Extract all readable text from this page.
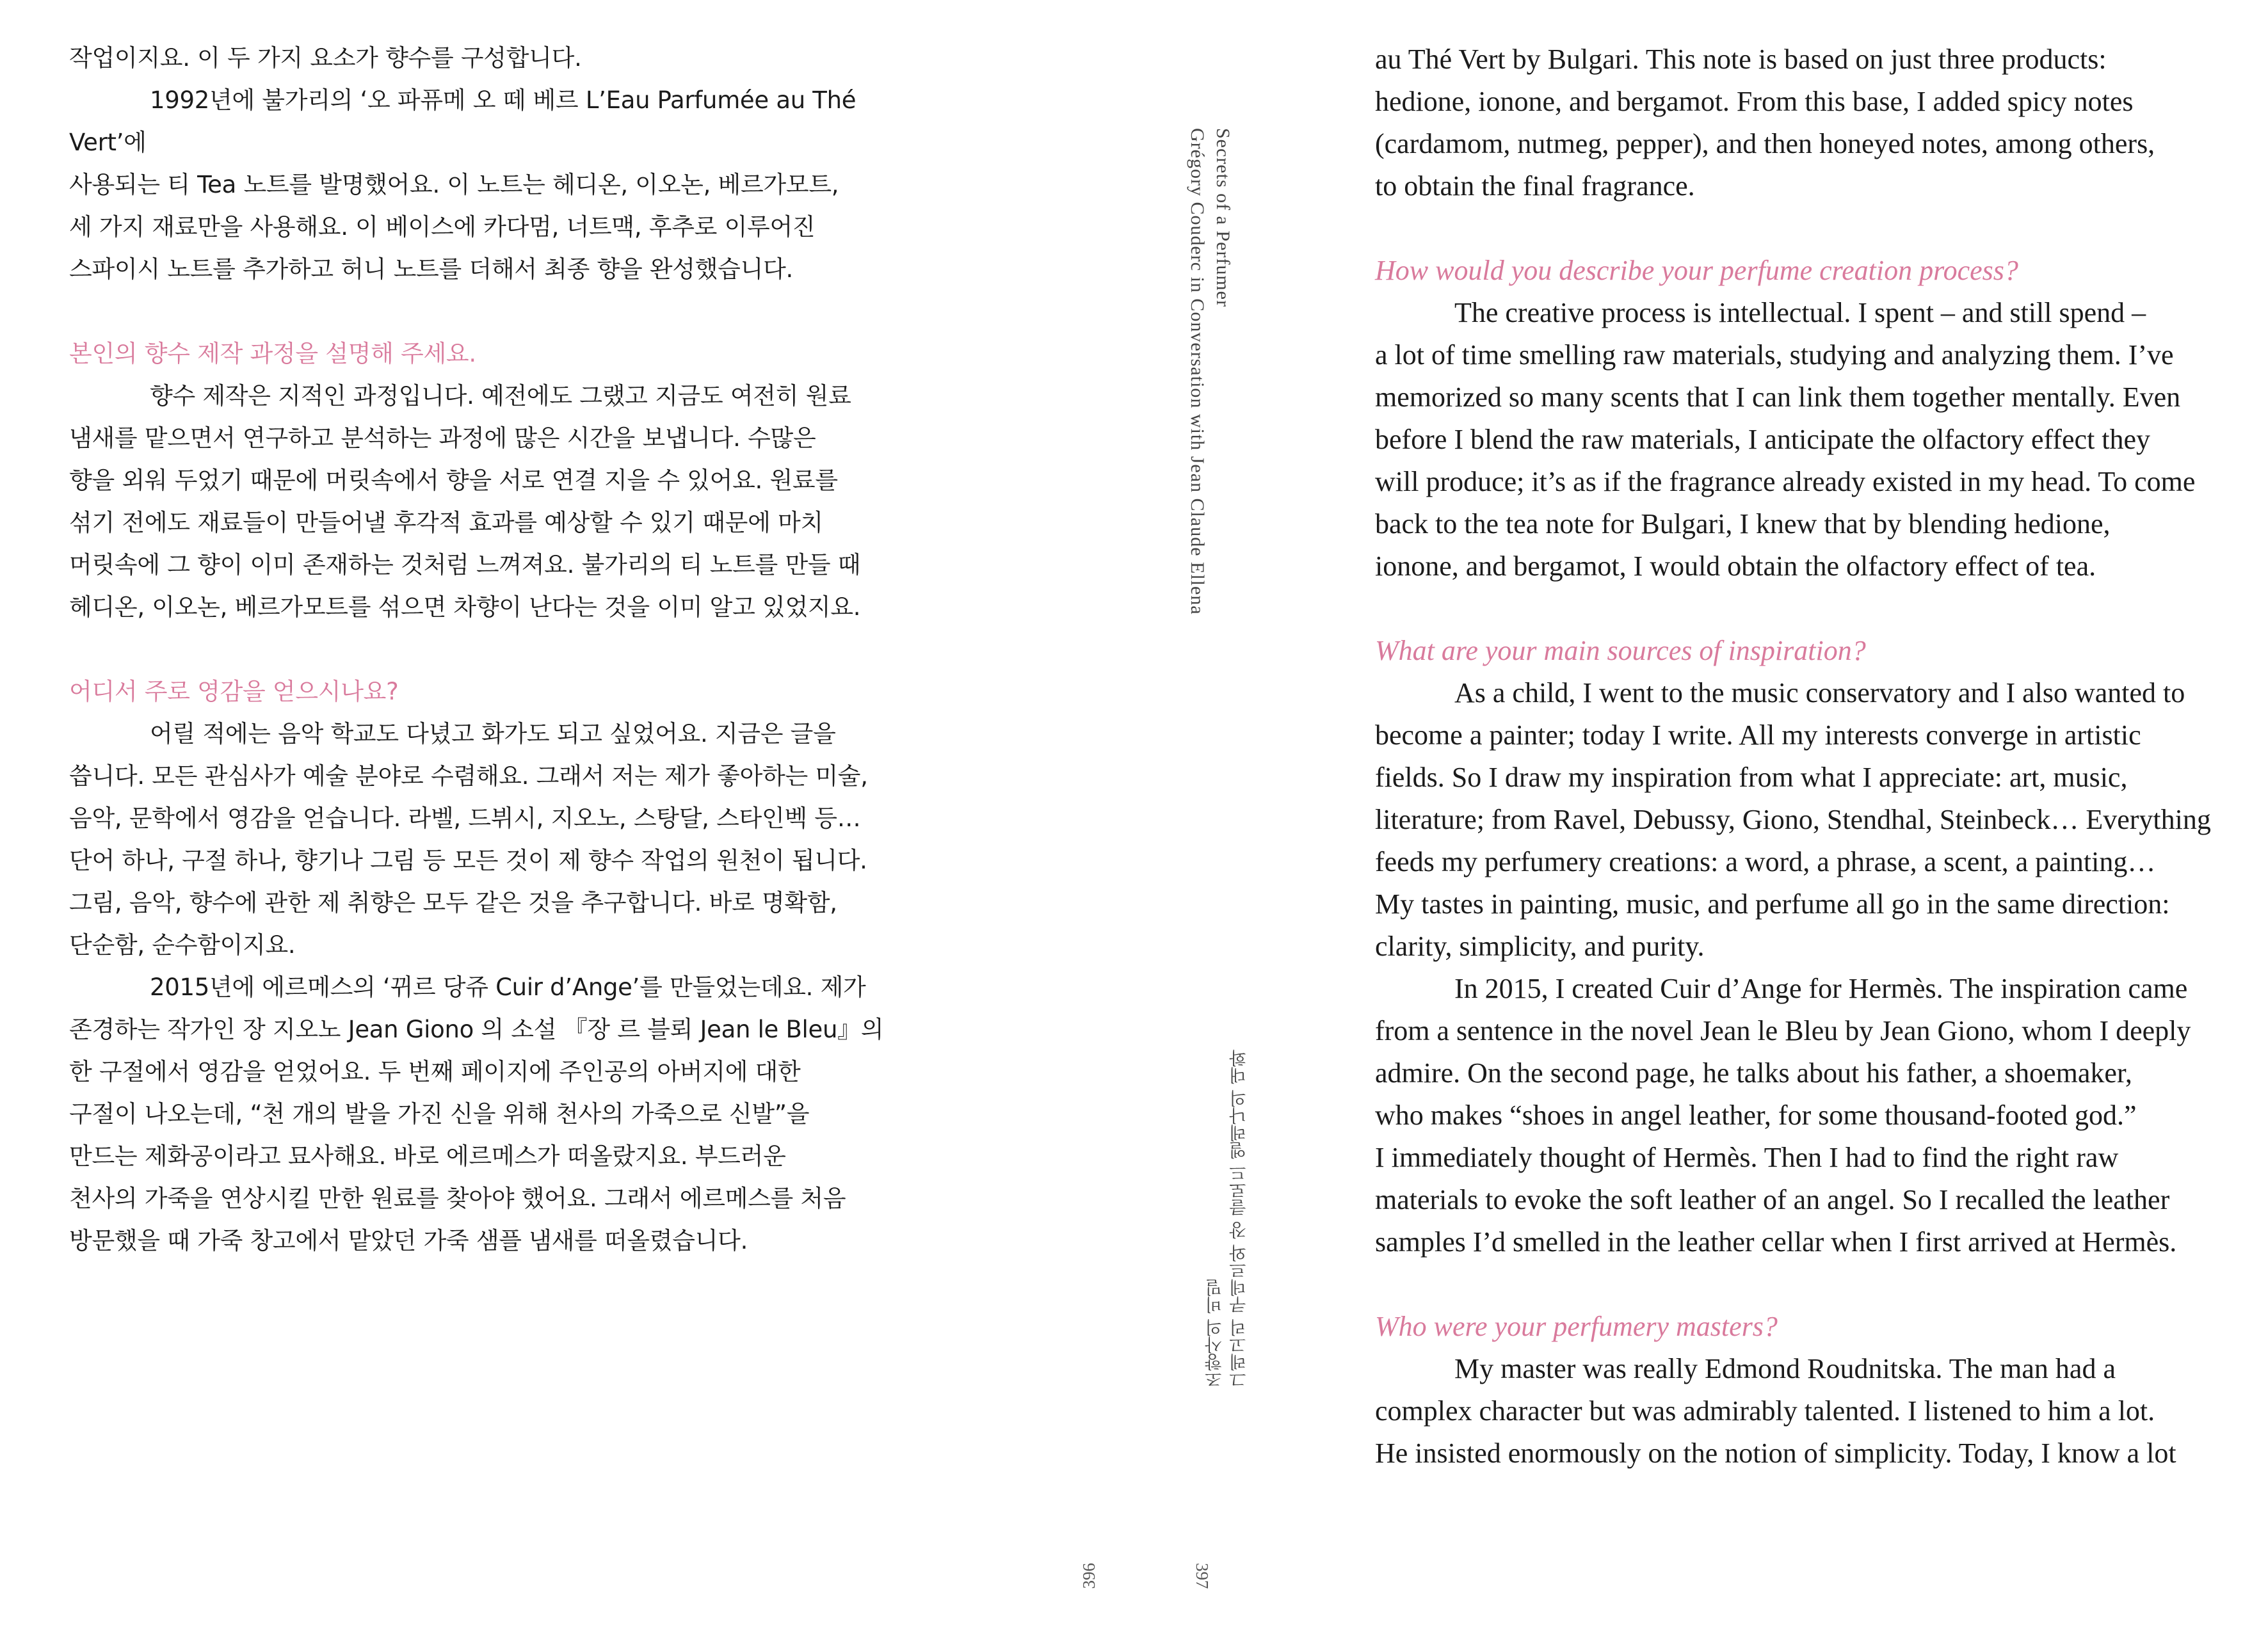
작업이지요. 이 두 가지 요소가 향수를 구성합니다.

1992년에 불가리의 ‘오 파퓨메 오 떼 베르 L’Eau Parfumée au Thé Vert’에
사용되는 티 Tea 노트를 발명했어요. 이 노트는 헤디온, 이오논, 베르가모트,
세 가지 재료만을 사용해요. 이 베이스에 카다멈, 너트맥, 후추로 이루어진
스파이시 노트를 추가하고 허니 노트를 더해서 최종 향을 완성했습니다.

본인의 향수 제작 과정을 설명해 주세요.

향수 제작은 지적인 과정입니다. 예전에도 그랬고 지금도 여전히 원료
냄새를 맡으면서 연구하고 분석하는 과정에 많은 시간을 보냅니다. 수많은
향을 외워 두었기 때문에 머릿속에서 향을 서로 연결 지을 수 있어요. 원료를
섞기 전에도 재료들이 만들어낼 후각적 효과를 예상할 수 있기 때문에 마치
머릿속에 그 향이 이미 존재하는 것처럼 느껴져요. 불가리의 티 노트를 만들 때
헤디온, 이오논, 베르가모트를 섞으면 차향이 난다는 것을 이미 알고 있었지요.

어디서 주로 영감을 얻으시나요?

어릴 적에는 음악 학교도 다녔고 화가도 되고 싶었어요. 지금은 글을
씁니다. 모든 관심사가 예술 분야로 수렴해요. 그래서 저는 제가 좋아하는 미술,
음악, 문학에서 영감을 얻습니다. 라벨, 드뷔시, 지오노, 스탕달, 스타인벡 등…
단어 하나, 구절 하나, 향기나 그림 등 모든 것이 제 향수 작업의 원천이 됩니다.
그림, 음악, 향수에 관한 제 취향은 모두 같은 것을 추구합니다. 바로 명확함,
단순함, 순수함이지요.

2015년에 에르메스의 ‘뀌르 당쥬 Cuir d’Ange’를 만들었는데요. 제가
존경하는 작가인 장 지오노 Jean Giono 의 소설 『장 르 블뢰 Jean le Bleu』의
한 구절에서 영감을 얻었어요. 두 번째 페이지에 주인공의 아버지에 대한
구절이 나오는데, “천 개의 발을 가진 신을 위해 천사의 가죽으로 신발”을
만드는 제화공이라고 묘사해요. 바로 에르메스가 떠올랐지요. 부드러운
천사의 가죽을 연상시킬 만한 원료를 찾아야 했어요. 그래서 에르메스를 처음
방문했을 때 가죽 창고에서 맡았던 가죽 샘플 냄새를 떠올렸습니다.

조향사의 비밀 그레고리 쿠데르와 장 클로드 엘레나의 대화
396
Secrets of a Perfumer
Grégory Couderc in Conversation with Jean Claude Ellena
397

au Thé Vert by Bulgari. This note is based on just three products:
hedione, ionone, and bergamot. From this base, I added spicy notes
(cardamom, nutmeg, pepper), and then honeyed notes, among others,
to obtain the final fragrance.

How would you describe your perfume creation process?

The creative process is intellectual. I spent – and still spend –
a lot of time smelling raw materials, studying and analyzing them. I’ve
memorized so many scents that I can link them together mentally. Even
before I blend the raw materials, I anticipate the olfactory effect they
will produce; it’s as if the fragrance already existed in my head. To come
back to the tea note for Bulgari, I knew that by blending hedione,
ionone, and bergamot, I would obtain the olfactory effect of tea.

What are your main sources of inspiration?

As a child, I went to the music conservatory and I also wanted to
become a painter; today I write. All my interests converge in artistic
fields. So I draw my inspiration from what I appreciate: art, music,
literature; from Ravel, Debussy, Giono, Stendhal, Steinbeck… Everything
feeds my perfumery creations: a word, a phrase, a scent, a painting…
My tastes in painting, music, and perfume all go in the same direction:
clarity, simplicity, and purity.

In 2015, I created Cuir d’Ange for Hermès. The inspiration came
from a sentence in the novel Jean le Bleu by Jean Giono, whom I deeply
admire. On the second page, he talks about his father, a shoemaker,
who makes “shoes in angel leather, for some thousand-footed god.”
I immediately thought of Hermès. Then I had to find the right raw
materials to evoke the soft leather of an angel. So I recalled the leather
samples I’d smelled in the leather cellar when I first arrived at Hermès.

Who were your perfumery masters?

My master was really Edmond Roudnitska. The man had a
complex character but was admirably talented. I listened to him a lot.
He insisted enormously on the notion of simplicity. Today, I know a lot
